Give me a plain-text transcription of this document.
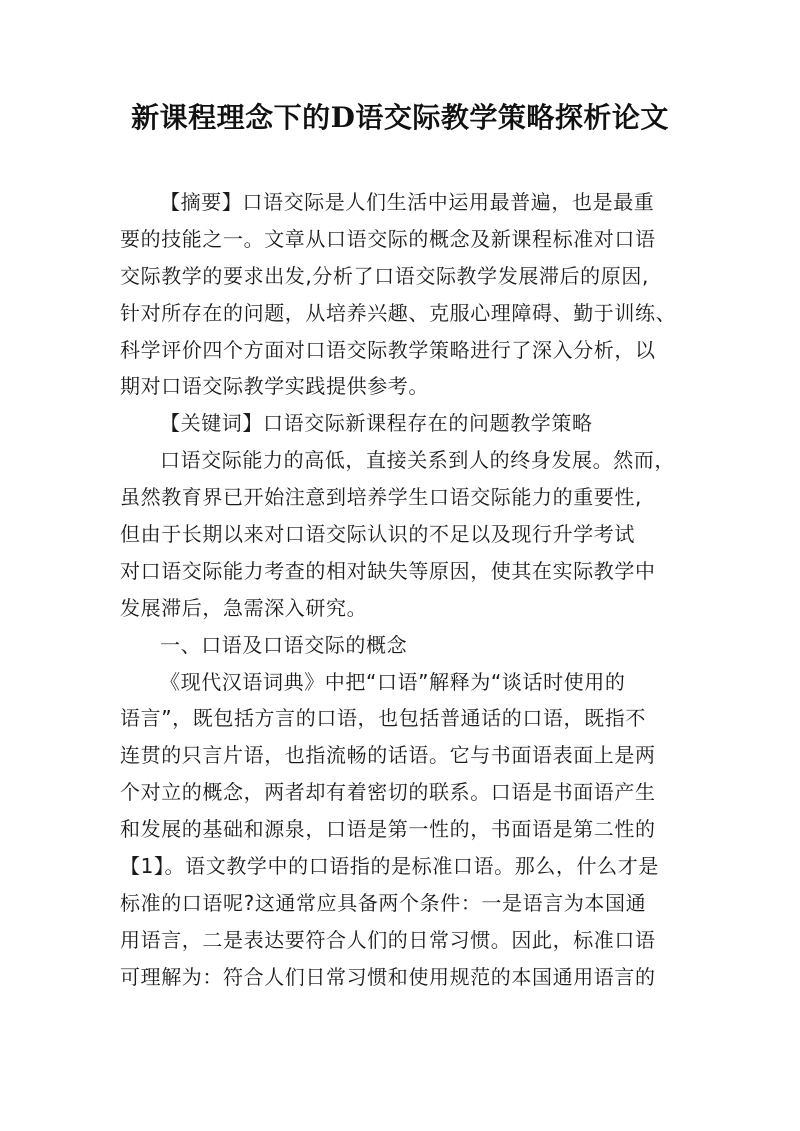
新课程理念下的D语交际教学策略探析论文
【摘要】口语交际是人们生活中运用最普遍，也是最重
要的技能之一。文章从口语交际的概念及新课程标准对口语
交际教学的要求出发,分析了口语交际教学发展滞后的原因,
针对所存在的问题，从培养兴趣、克服心理障碍、勤于训练、
科学评价四个方面对口语交际教学策略进行了深入分析，以
期对口语交际教学实践提供参考。
【关键词】口语交际新课程存在的问题教学策略
口语交际能力的高低，直接关系到人的终身发展。然而，
虽然教育界已开始注意到培养学生口语交际能力的重要性,
但由于长期以来对口语交际认识的不足以及现行升学考试
对口语交际能力考查的相对缺失等原因，使其在实际教学中
发展滞后，急需深入研究。
一、口语及口语交际的概念
《现代汉语词典》中把“口语”解释为“谈话时使用的
语言”，既包括方言的口语，也包括普通话的口语，既指不
连贯的只言片语，也指流畅的话语。它与书面语表面上是两
个对立的概念，两者却有着密切的联系。口语是书面语产生
和发展的基础和源泉，口语是第一性的，书面语是第二性的
【1】。语文教学中的口语指的是标准口语。那么，什么才是
标准的口语呢?这通常应具备两个条件：一是语言为本国通
用语言，二是表达要符合人们的日常习惯。因此，标准口语
可理解为：符合人们日常习惯和使用规范的本国通用语言的
